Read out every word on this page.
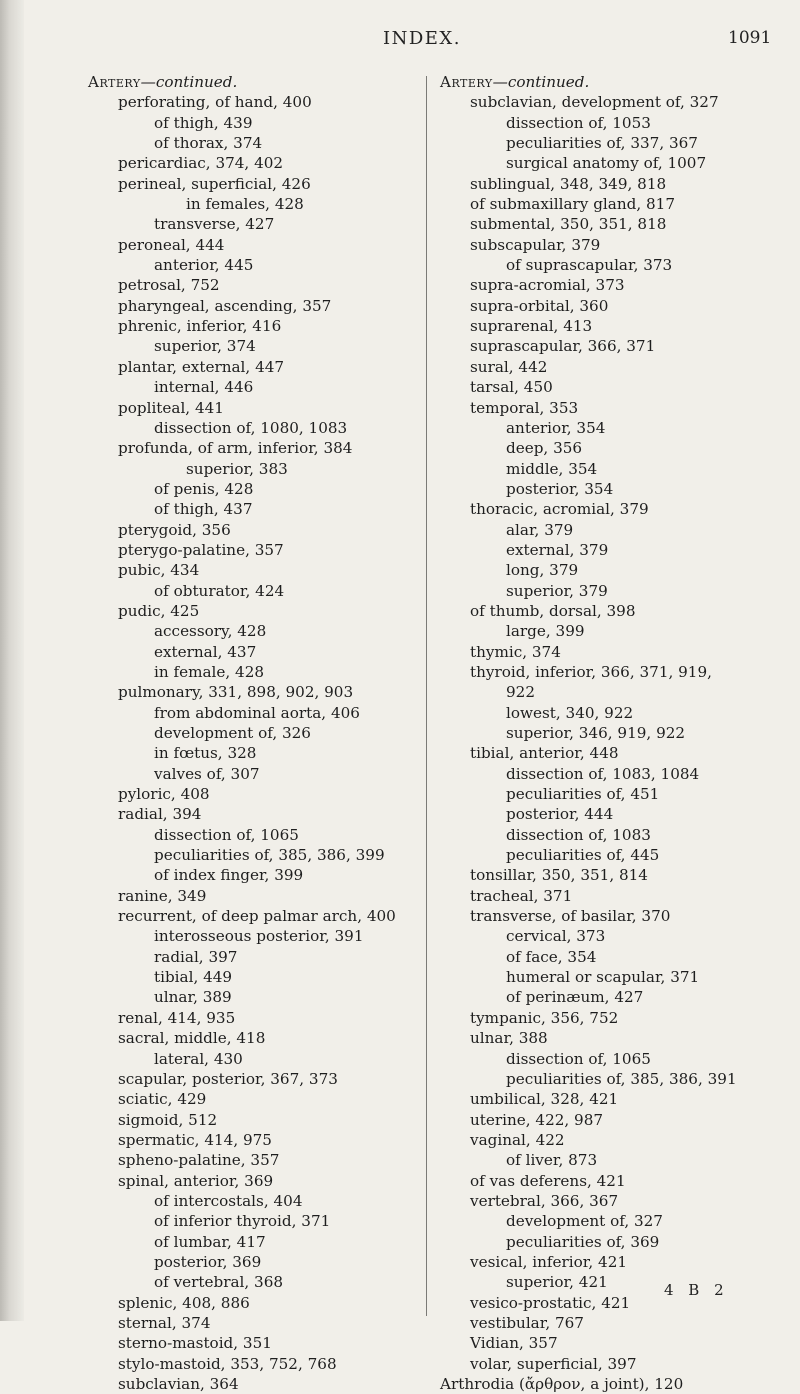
INDEX.	1091
Artery—continued.
perforating, of hand, 400
of thigh, 439
of thorax, 374
pericardiac, 374, 402
perineal, superficial, 426
in females, 428
transverse, 427
peroneal, 444
anterior, 445
petrosal, 752
pharyngeal, ascending, 357
phrenic, inferior, 416
superior, 374
plantar, external, 447
internal, 446
popliteal, 441
dissection of, 1080, 1083
profunda, of arm, inferior, 384
superior, 383
of penis, 428
of thigh, 437
pterygoid, 356
pterygo-palatine, 357
pubic, 434
of obturator, 424
pudic, 425
accessory, 428
external, 437
in female, 428
pulmonary, 331, 898, 902, 903
from abdominal aorta, 406
development of, 326
in fœtus, 328
valves of, 307
pyloric, 408
radial, 394
dissection of, 1065
peculiarities of, 385, 386, 399
of index finger, 399
ranine, 349
recurrent, of deep palmar arch, 400
interosseous posterior, 391
radial, 397
tibial, 449
ulnar, 389
renal, 414, 935
sacral, middle, 418
lateral, 430
scapular, posterior, 367, 373
sciatic, 429
sigmoid, 512
spermatic, 414, 975
spheno-palatine, 357
spinal, anterior, 369
of intercostals, 404
of inferior thyroid, 371
of lumbar, 417
posterior, 369
of vertebral, 368
splenic, 408, 886
sternal, 374
sterno-mastoid, 351
stylo-mastoid, 353, 752, 768
subclavian, 364
Artery—continued.
subclavian, development of, 327
dissection of, 1053
peculiarities of, 337, 367
surgical anatomy of, 1007
sublingual, 348, 349, 818
of submaxillary gland, 817
submental, 350, 351, 818
subscapular, 379
of suprascapular, 373
supra-acromial, 373
supra-orbital, 360
suprarenal, 413
suprascapular, 366, 371
sural, 442
tarsal, 450
temporal, 353
anterior, 354
deep, 356
middle, 354
posterior, 354
thoracic, acromial, 379
alar, 379
external, 379
long, 379
superior, 379
of thumb, dorsal, 398
large, 399
thymic, 374
thyroid, inferior, 366, 371, 919,
922
lowest, 340, 922
superior, 346, 919, 922
tibial, anterior, 448
dissection of, 1083, 1084
peculiarities of, 451
posterior, 444
dissection of, 1083
peculiarities of, 445
tonsillar, 350, 351, 814
tracheal, 371
transverse, of basilar, 370
cervical, 373
of face, 354
humeral or scapular, 371
of perinæum, 427
tympanic, 356, 752
ulnar, 388
dissection of, 1065
peculiarities of, 385, 386, 391
umbilical, 328, 421
uterine, 422, 987
vaginal, 422
of liver, 873
of vas deferens, 421
vertebral, 366, 367
development of, 327
peculiarities of, 369
vesical, inferior, 421
superior, 421
vesico-prostatic, 421
vestibular, 767
Vidian, 357
volar, superficial, 397
Arthrodia (ἄρθρον, a joint), 120
4 B 2
